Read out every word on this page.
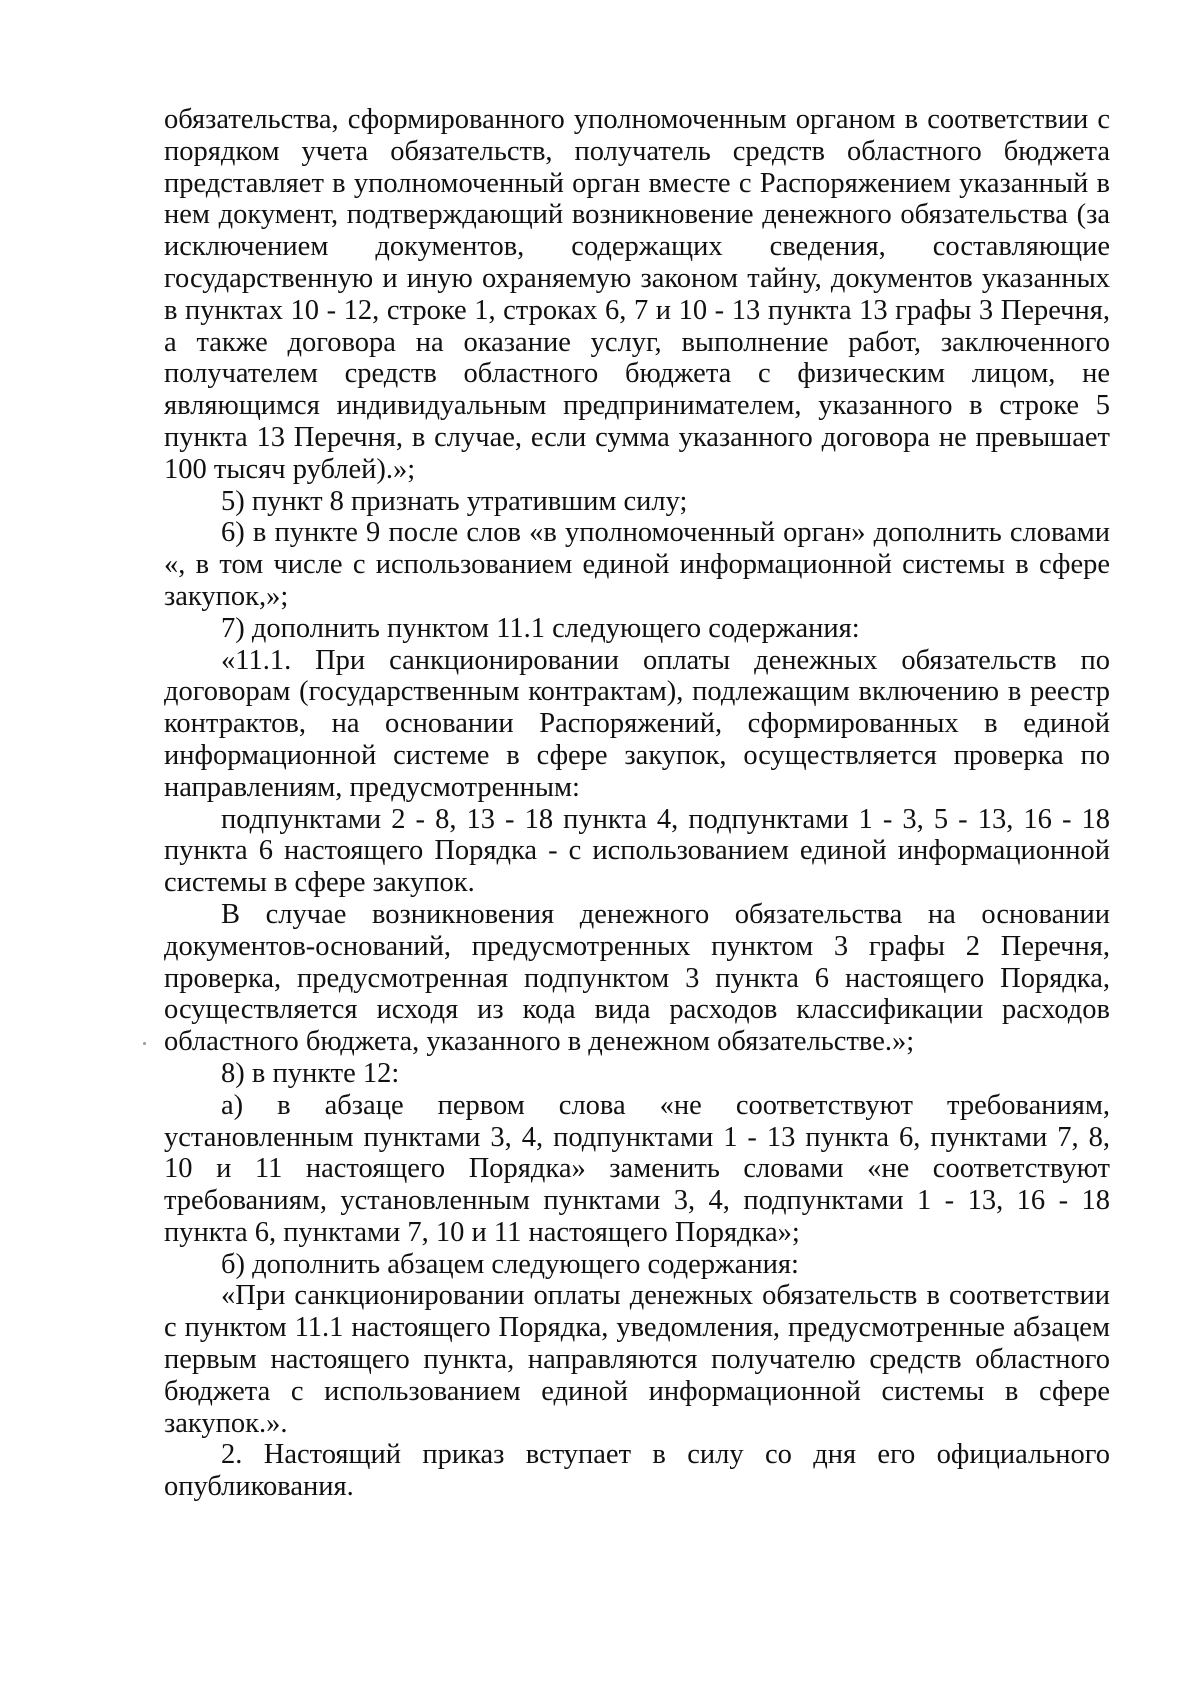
обязательства, сформированного уполномоченным органом в соответствии с порядком учета обязательств, получатель средств областного бюджета представляет в уполномоченный орган вместе с Распоряжением указанный в нем документ, подтверждающий возникновение денежного обязательства (за исключением документов, содержащих сведения, составляющие государственную и иную охраняемую законом тайну, документов указанных в пунктах 10 - 12, строке 1, строках 6, 7 и 10 - 13 пункта 13 графы 3 Перечня, а также договора на оказание услуг, выполнение работ, заключенного получателем средств областного бюджета с физическим лицом, не являющимся индивидуальным предпринимателем, указанного в строке 5 пункта 13 Перечня, в случае, если сумма указанного договора не превышает 100 тысяч рублей).»;

5) пункт 8 признать утратившим силу;

6) в пункте 9 после слов «в уполномоченный орган» дополнить словами «, в том числе с использованием единой информационной системы в сфере закупок,»;

7) дополнить пунктом 11.1 следующего содержания:

«11.1. При санкционировании оплаты денежных обязательств по договорам (государственным контрактам), подлежащим включению в реестр контрактов, на основании Распоряжений, сформированных в единой информационной системе в сфере закупок, осуществляется проверка по направлениям, предусмотренным:

подпунктами 2 - 8, 13 - 18 пункта 4, подпунктами 1 - 3, 5 - 13, 16 - 18 пункта 6 настоящего Порядка - с использованием единой информационной системы в сфере закупок.

В случае возникновения денежного обязательства на основании документов-оснований, предусмотренных пунктом 3 графы 2 Перечня, проверка, предусмотренная подпунктом 3 пункта 6 настоящего Порядка, осуществляется исходя из кода вида расходов классификации расходов областного бюджета, указанного в денежном обязательстве.»;

8) в пункте 12:

а) в абзаце первом слова «не соответствуют требованиям, установленным пунктами 3, 4, подпунктами 1 - 13 пункта 6, пунктами 7, 8, 10 и 11 настоящего Порядка» заменить словами «не соответствуют требованиям, установленным пунктами 3, 4, подпунктами 1 - 13, 16 - 18 пункта 6, пунктами 7, 10 и 11 настоящего Порядка»;

б) дополнить абзацем следующего содержания:

«При санкционировании оплаты денежных обязательств в соответствии с пунктом 11.1 настоящего Порядка, уведомления, предусмотренные абзацем первым настоящего пункта, направляются получателю средств областного бюджета с использованием единой информационной системы в сфере закупок.».

2. Настоящий приказ вступает в силу со дня его официального опубликования.
